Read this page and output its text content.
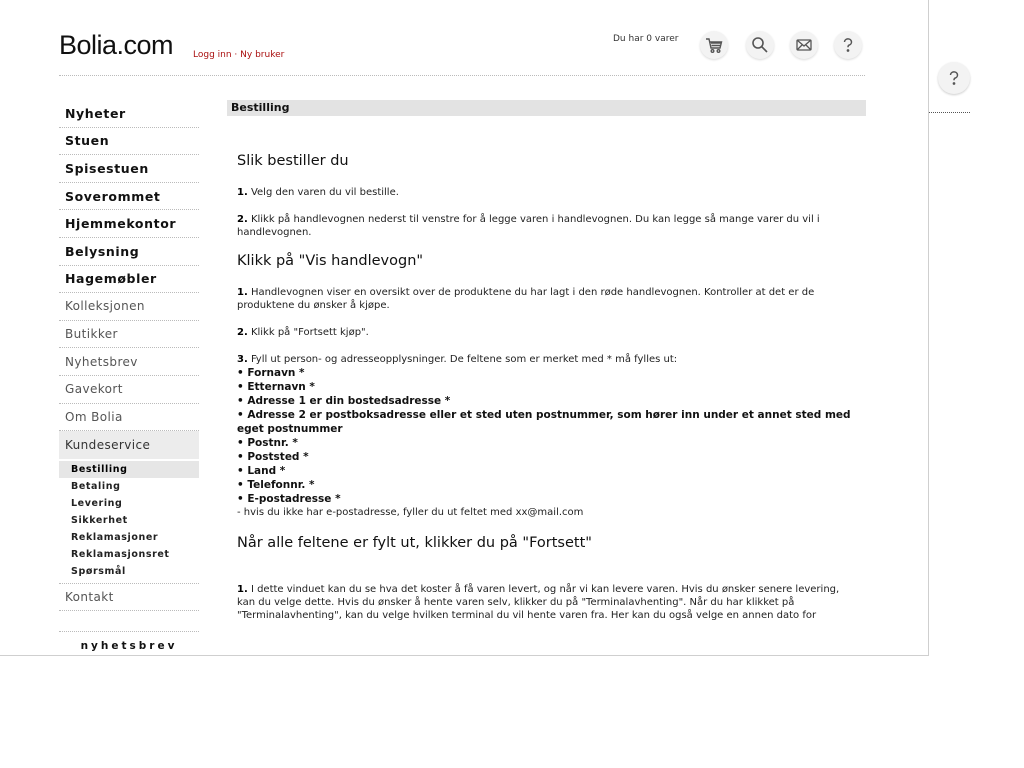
Bolia.com Logg inn · Ny bruker
Du har 0 varer
Nyheter
Stuen
Spisestuen
Soverommet
Hjemmekontor
Belysning
Hagemøbler
Kolleksjonen
Butikker
Nyhetsbrev
Gavekort
Om Bolia
Kundeservice
Bestilling
Betaling
Levering
Sikkerhet
Reklamasjoner
Reklamasjonsret
Spørsmål
Kontakt
nyhetsbrev
Bestilling
Slik bestiller du

1. Velg den varen du vil bestille.

2. Klikk på handlevognen nederst til venstre for å legge varen i handlevognen. Du kan legge så mange varer du vil i handlevognen.

Klikk på "Vis handlevogn"

1. Handlevognen viser en oversikt over de produktene du har lagt i den røde handlevognen. Kontroller at det er de produktene du ønsker å kjøpe.

2. Klikk på "Fortsett kjøp".

3. Fyll ut person- og adresseopplysninger. De feltene som er merket med * må fylles ut:

• Fornavn *

• Etternavn *

• Adresse 1 er din bostedsadresse *

• Adresse 2 er postboksadresse eller et sted uten postnummer, som hører inn under et annet sted med eget postnummer

• Postnr. *

• Poststed *

• Land *

• Telefonnr. *

• E-postadresse *

- hvis du ikke har e-postadresse, fyller du ut feltet med xx@mail.com

Når alle feltene er fylt ut, klikker du på "Fortsett"

1. I dette vinduet kan du se hva det koster å få varen levert, og når vi kan levere varen. Hvis du ønsker senere levering, kan du velge dette. Hvis du ønsker å hente varen selv, klikker du på "Terminalavhenting". Når du har klikket på "Terminalavhenting", kan du velge hvilken terminal du vil hente varen fra. Her kan du også velge en annen dato for
